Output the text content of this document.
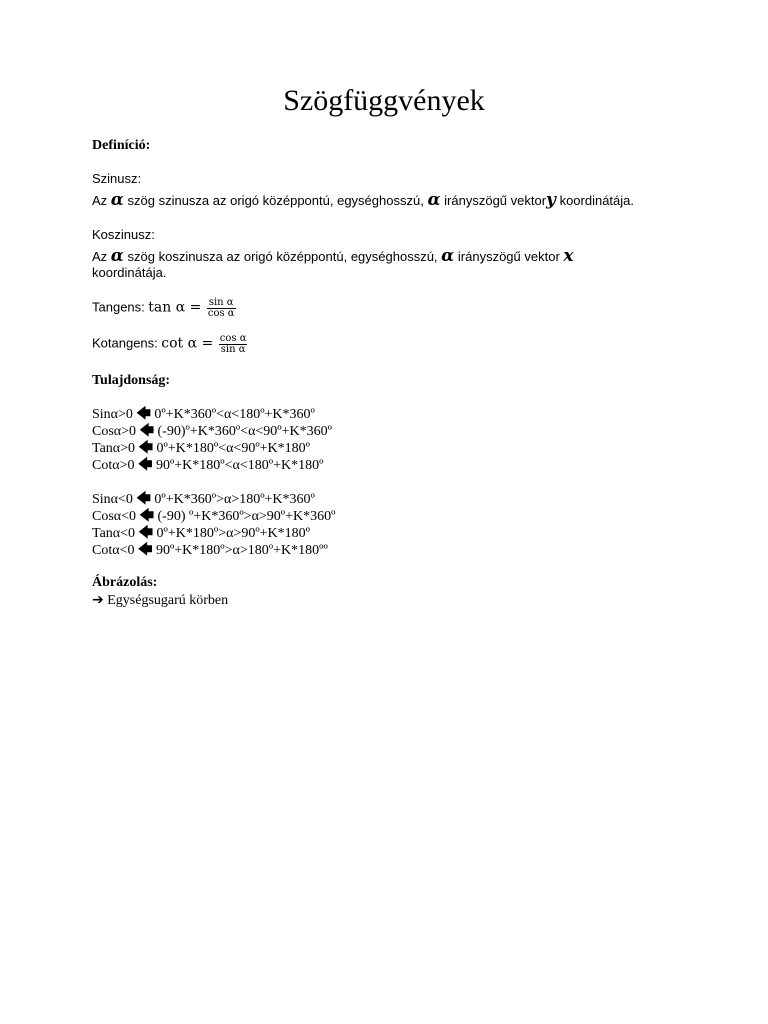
Szögfüggvények
Definíció:
Szinusz:
Az α szög szinusza az origó középpontú, egységhosszú, α irányszögű vektory koordinátája.
Koszinusz:
Az α szög koszinusza az origó középpontú, egységhosszú, α irányszögű vektor x
koordinátája.
Tangens: $\tan \alpha = \frac{\text{sin α}}{\text{cos α}}$
Kotangens: $\cot \alpha = \frac{\text{cos α}}{\text{sin α}}$
Tulajdonság:
Sinα>0 🡄 0º+K*360º<α<180º+K*360º
Cosα>0 🡄 (-90)º+K*360º<α<90º+K*360º
Tanα>0 🡄 0º+K*180º<α<90º+K*180º
Cotα>0 🡄 90º+K*180º<α<180º+K*180º
Sinα<0 🡄 0º+K*360º>α>180º+K*360º
Cosα<0 🡄 (-90) º+K*360º>α>90º+K*360º
Tanα<0 🡄 0º+K*180º>α>90º+K*180º
Cotα<0 🡄 90º+K*180º>α>180º+K*180ºº
Ábrázolás:
➔ Egységsugarú körben
